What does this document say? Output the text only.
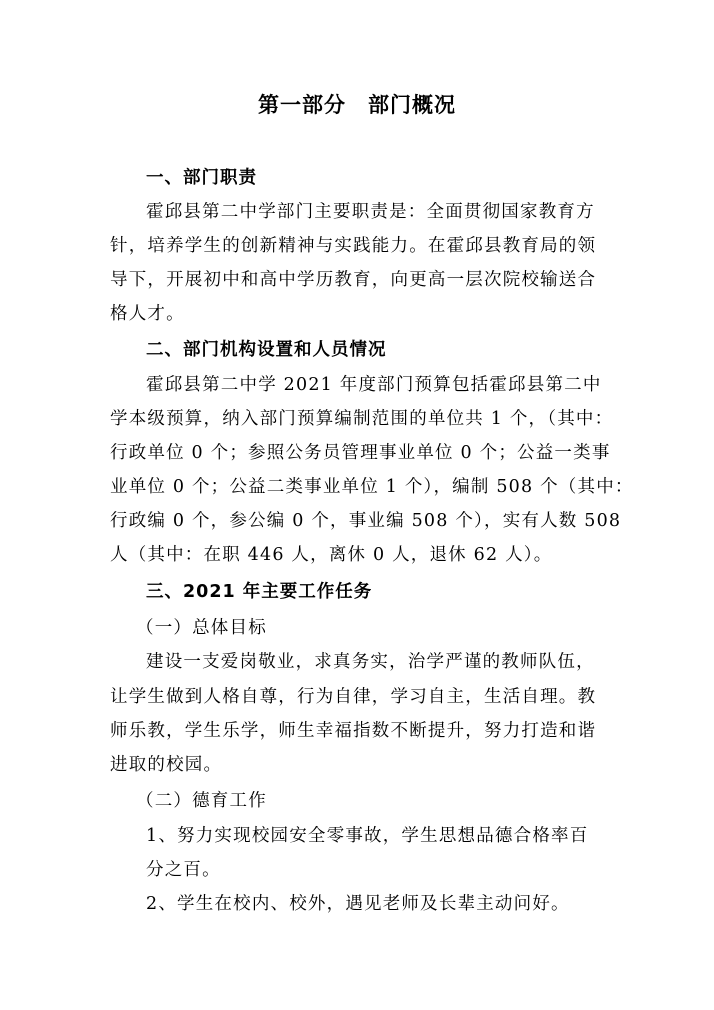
第一部分 部门概况
一、部门职责
霍邱县第二中学部门主要职责是：全面贯彻国家教育方
针，培养学生的创新精神与实践能力。在霍邱县教育局的领
导下，开展初中和高中学历教育，向更高一层次院校输送合
格人才。
二、部门机构设置和人员情况
霍邱县第二中学 2021 年度部门预算包括霍邱县第二中
学本级预算，纳入部门预算编制范围的单位共 1 个，（其中：
行政单位 0 个；参照公务员管理事业单位 0 个；公益一类事
业单位 0 个；公益二类事业单位 1 个），编制 508 个（其中：
行政编 0 个，参公编 0 个，事业编 508 个），实有人数 508
人（其中：在职 446 人，离休 0 人，退休 62 人）。
三、2021 年主要工作任务
（一）总体目标
建设一支爱岗敬业，求真务实，治学严谨的教师队伍，
让学生做到人格自尊，行为自律，学习自主，生活自理。教
师乐教，学生乐学，师生幸福指数不断提升，努力打造和谐
进取的校园。
（二）德育工作
1、努力实现校园安全零事故，学生思想品德合格率百
分之百。
2、学生在校内、校外，遇见老师及长辈主动问好。
